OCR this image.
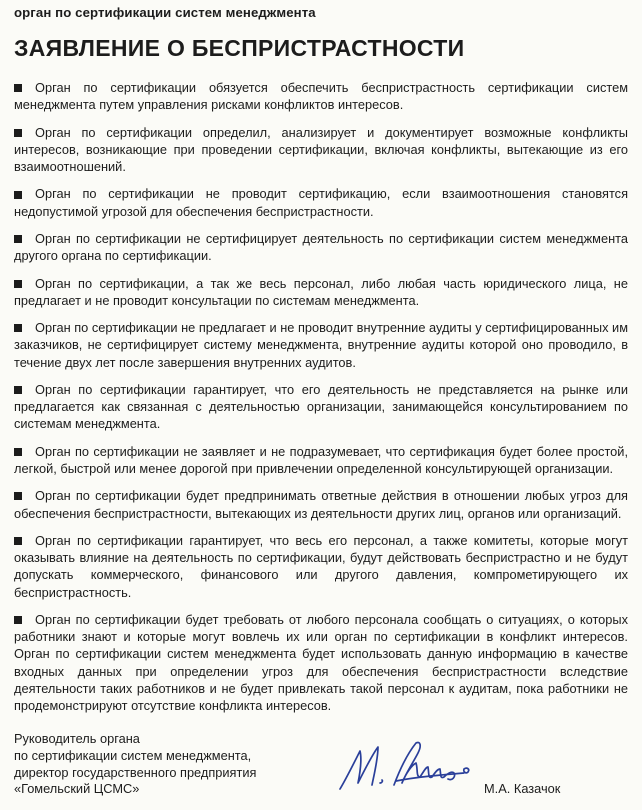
орган по сертификации систем менеджмента
ЗАЯВЛЕНИЕ О БЕСПРИСТРАСТНОСТИ
Орган по сертификации обязуется обеспечить беспристрастность сертификации систем менеджмента путем управления рисками конфликтов интересов.
Орган по сертификации определил, анализирует и документирует возможные конфликты интересов, возникающие при проведении сертификации, включая конфликты, вытекающие из его взаимоотношений.
Орган по сертификации не проводит сертификацию, если взаимоотношения становятся недопустимой угрозой для обеспечения беспристрастности.
Орган по сертификации не сертифицирует деятельность по сертификации систем менеджмента другого органа по сертификации.
Орган по сертификации, а так же весь персонал, либо любая часть юридического лица, не предлагает и не проводит консультации по системам менеджмента.
Орган по сертификации не предлагает и не проводит внутренние аудиты у сертифицированных им заказчиков, не сертифицирует систему менеджмента, внутренние аудиты которой оно проводило, в течение двух лет после завершения внутренних аудитов.
Орган по сертификации гарантирует, что его деятельность не представляется на рынке или предлагается как связанная с деятельностью организации, занимающейся консультированием по системам менеджмента.
Орган по сертификации не заявляет и не подразумевает, что сертификация будет более простой, легкой, быстрой или менее дорогой при привлечении определенной консультирующей организации.
Орган по сертификации будет предпринимать ответные действия в отношении любых угроз для обеспечения беспристрастности, вытекающих из деятельности других лиц, органов или организаций.
Орган по сертификации гарантирует, что весь его персонал, а также комитеты, которые могут оказывать влияние на деятельность по сертификации, будут действовать беспристрастно и не будут допускать коммерческого, финансового или другого давления, компрометирующего их беспристрастность.
Орган по сертификации будет требовать от любого персонала сообщать о ситуациях, о которых работники знают и которые могут вовлечь их или орган по сертификации в конфликт интересов. Орган по сертификации систем менеджмента будет использовать данную информацию в качестве входных данных при определении угроз для обеспечения беспристрастности вследствие деятельности таких работников и не будет привлекать такой персонал к аудитам, пока работники не продемонстрируют отсутствие конфликта интересов.
Руководитель органа
по сертификации систем менеджмента,
директор государственного предприятия
«Гомельский ЦСМС»	М.А. Казачок
